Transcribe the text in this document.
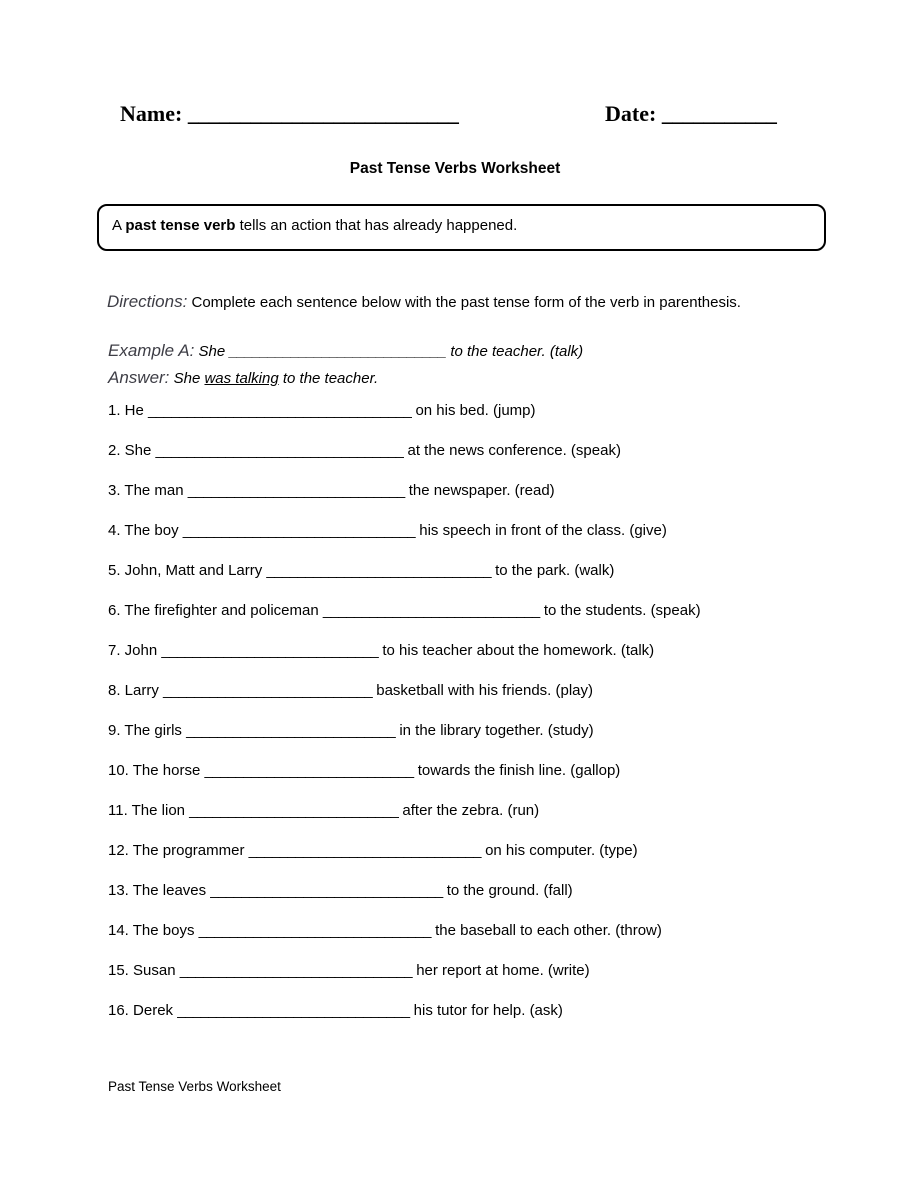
Name: __________________________	Date: ___________
Past Tense Verbs Worksheet
A past tense verb tells an action that has already happened.

Directions: Complete each sentence below with the past tense form of the verb in parenthesis.

Example A: She ____________________________ to the teacher. (talk)
Answer: She was talking to the teacher.
1. He __________________________________ on his bed. (jump)
2. She ________________________________ at the news conference. (speak)
3. The man ____________________________ the newspaper. (read)
4. The boy ______________________________ his speech in front of the class. (give)
5. John, Matt and Larry _____________________________ to the park. (walk)
6. The firefighter and policeman ____________________________ to the students. (speak)
7. John ____________________________ to his teacher about the homework. (talk)
8. Larry ___________________________ basketball with his friends. (play)
9. The girls ___________________________ in the library together. (study)
10. The horse ___________________________ towards the finish line. (gallop)
11. The lion ___________________________ after the zebra. (run)
12. The programmer ______________________________ on his computer. (type)
13. The leaves ______________________________ to the ground. (fall)
14. The boys ______________________________ the baseball to each other. (throw)
15. Susan ______________________________ her report at home. (write)
16. Derek ______________________________ his tutor for help. (ask)
Past Tense Verbs Worksheet
